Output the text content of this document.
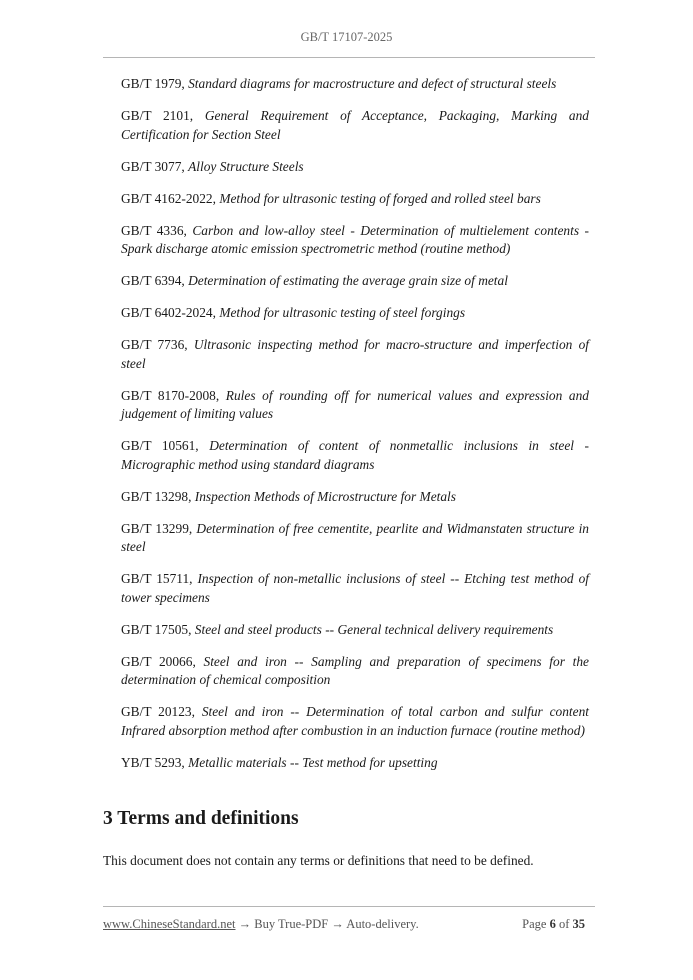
GB/T 17107-2025

GB/T 1979, Standard diagrams for macrostructure and defect of structural steels

GB/T 2101, General Requirement of Acceptance, Packaging, Marking and Certification for Section Steel

GB/T 3077, Alloy Structure Steels

GB/T 4162-2022, Method for ultrasonic testing of forged and rolled steel bars

GB/T 4336, Carbon and low-alloy steel - Determination of multielement contents - Spark discharge atomic emission spectrometric method (routine method)

GB/T 6394, Determination of estimating the average grain size of metal

GB/T 6402-2024, Method for ultrasonic testing of steel forgings

GB/T 7736, Ultrasonic inspecting method for macro-structure and imperfection of steel

GB/T 8170-2008, Rules of rounding off for numerical values and expression and judgement of limiting values

GB/T 10561, Determination of content of nonmetallic inclusions in steel - Micrographic method using standard diagrams

GB/T 13298, Inspection Methods of Microstructure for Metals

GB/T 13299, Determination of free cementite, pearlite and Widmanstaten structure in steel

GB/T 15711, Inspection of non-metallic inclusions of steel -- Etching test method of tower specimens

GB/T 17505, Steel and steel products -- General technical delivery requirements

GB/T 20066, Steel and iron -- Sampling and preparation of specimens for the determination of chemical composition

GB/T 20123, Steel and iron -- Determination of total carbon and sulfur content Infrared absorption method after combustion in an induction furnace (routine method)

YB/T 5293, Metallic materials -- Test method for upsetting

3 Terms and definitions

This document does not contain any terms or definitions that need to be defined.

www.ChineseStandard.net → Buy True-PDF → Auto-delivery.	Page 6 of 35
